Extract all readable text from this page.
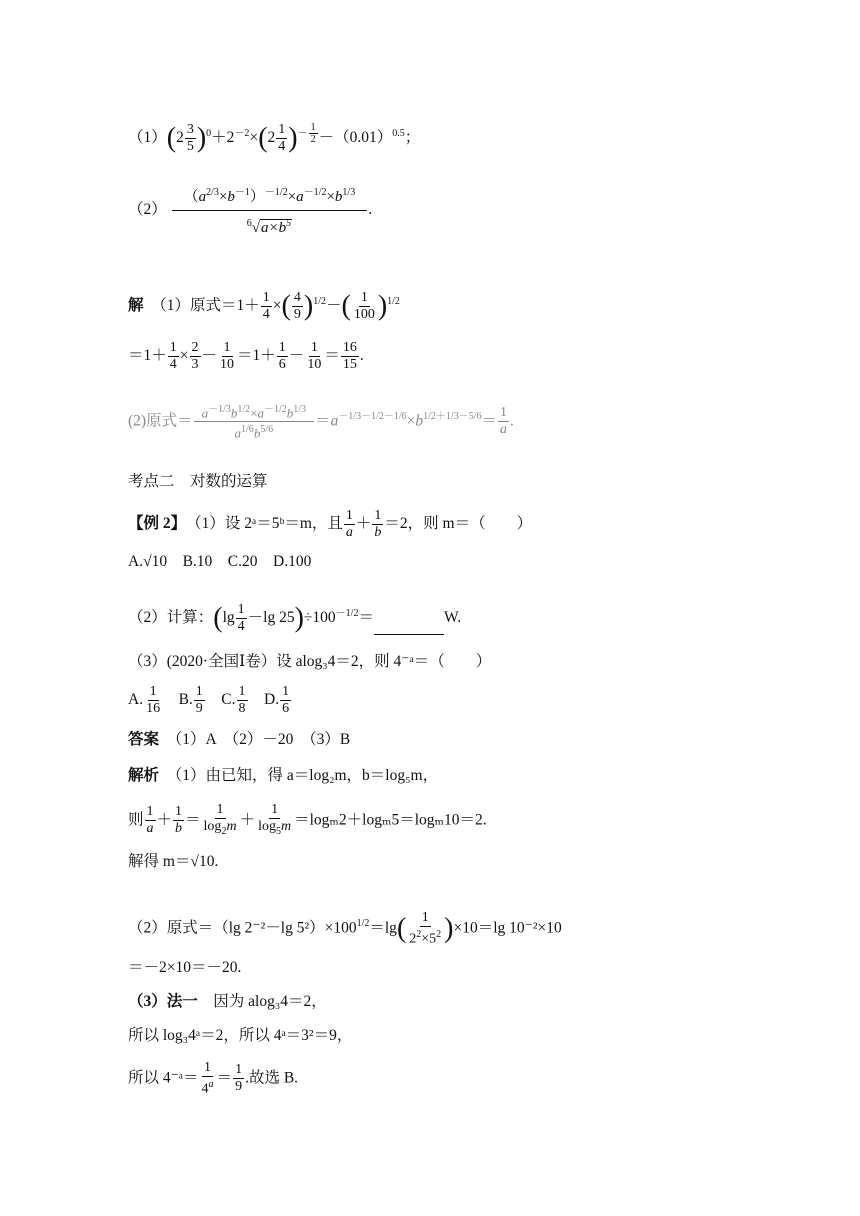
$(1)(2 \frac{3}{5} )^0+2^{-2}\times(2 \frac{1}{4} )^{- \frac{1}{2}} -(0.01)^{0.5}$；
$(2) \frac{(a^{2/3}\times b^{-1})^{-1/2}\times a^{-1/2}\times b^{1/3}}{^6√a\times b^5}$ .
解　 （1）原式$=1+ \frac{1}{4}$ ×( $\frac{4}{9} )^{1/2}-( \frac{1}{100} )^{1/2}$
$=1+ \frac{1}{4} \times \frac{2}{3} - \frac{1}{10} =1+ \frac{1}{6} - \frac{1}{10} = \frac{16}{15}$ .
(2)原式＝ $\frac{a^{-1/3}b^{1/2}\times a^{-1/2}b^{1/3}}{a^{1/6}b^{5/6}} =a^{-1/3-1/2-1/6}\times b^{1/2+1/3-5/6}= \frac{1}{a}$ .
考点二　对数的运算
【例 2】　 （1）设 2ᵃ＝5ᵇ＝m，且 $\frac{1}{a} + \frac{1}{b} =2$，则 m＝（　　）
A.√10　B.10　C.20　D.100
（2）计算：($\lg \frac{1}{4} -\lg$ $25)\div 100^{-1/2}=$	W.
（3）(2020·全国Ⅰ卷）设 alog₃4＝2，则 4⁻ᵃ＝（　　）
A. $\frac{1}{16}$ 　B. $\frac{1}{9}$ 　C. $\frac{1}{8}$ 　D. $\frac{1}{6}$
答案　 （1）A　（2）－20　（3）B
解析　 （1）由已知，得 a＝log₂m，b＝log₅m，
则 $\frac{1}{a} + \frac{1}{b} = \frac{1}{\log_2m} + \frac{1}{\log_5m} =\log_m2+\log_m5=\log_m10=2$.
解得 m＝√10.
（2）原式＝（lg 2⁻²－lg $5^2)\times 100^{1/2}=\lg( \frac{1}{2^2\times 5^2} )\times 10=\lg$ 10⁻²×10
＝－2×10＝－20.
（3）法一　因为 alog₃4＝2，
所以 log₃4ᵃ＝2，所以 4ᵃ＝3²＝9，
所以 4⁻ᵃ＝ $\frac{1}{4^a} = \frac{1}{9}$ .故选 B.
